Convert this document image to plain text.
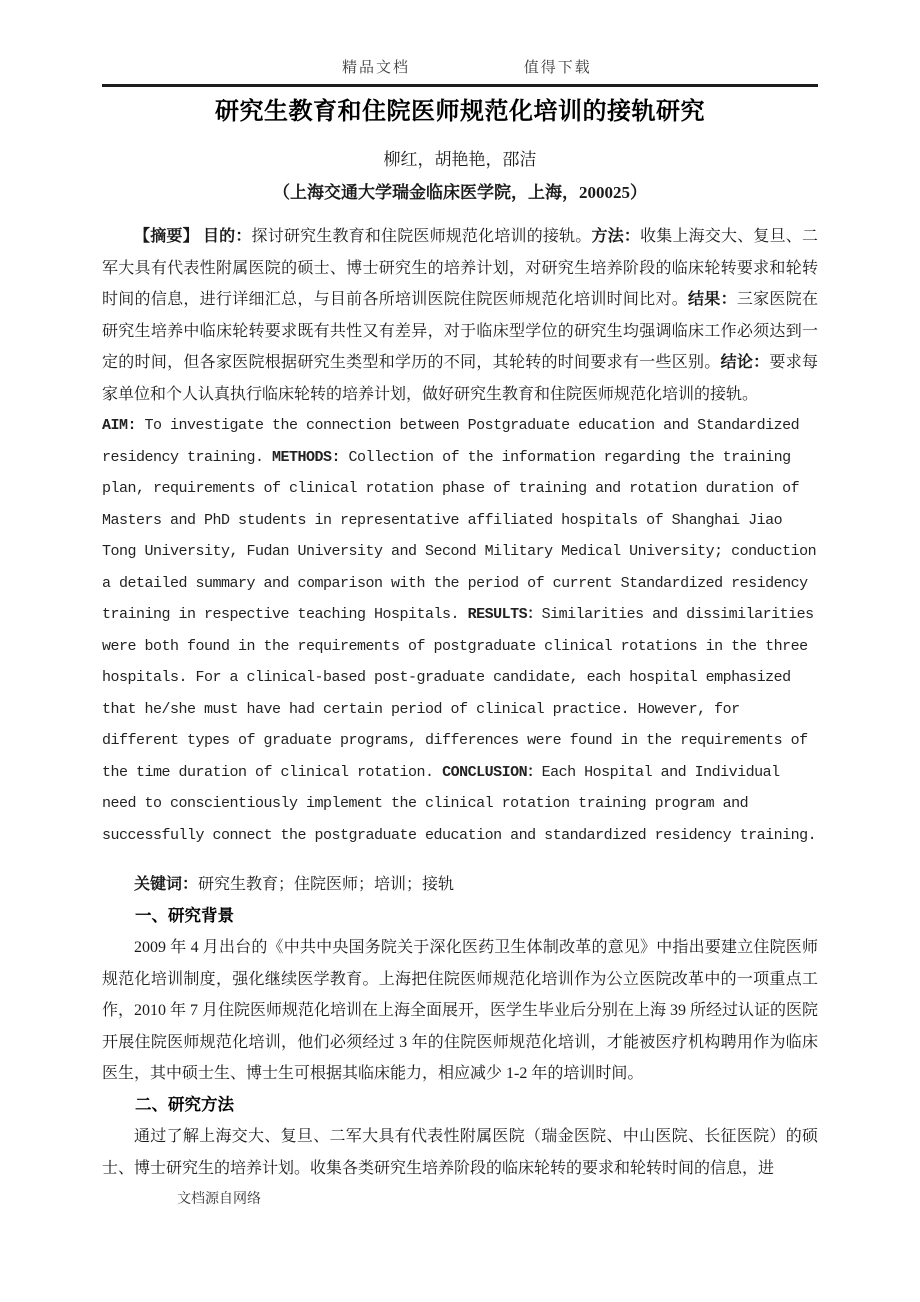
精品文档	值得下载
研究生教育和住院医师规范化培训的接轨研究
柳红，胡艳艳，邵洁
（上海交通大学瑞金临床医学院，上海，200025）
【摘要】 目的：探讨研究生教育和住院医师规范化培训的接轨。方法：收集上海交大、复旦、二军大具有代表性附属医院的硕士、博士研究生的培养计划，对研究生培养阶段的临床轮转要求和轮转时间的信息，进行详细汇总，与目前各所培训医院住院医师规范化培训时间比对。结果：三家医院在研究生培养中临床轮转要求既有共性又有差异，对于临床型学位的研究生均强调临床工作必须达到一定的时间，但各家医院根据研究生类型和学历的不同，其轮转的时间要求有一些区别。结论：要求每家单位和个人认真执行临床轮转的培养计划，做好研究生教育和住院医师规范化培训的接轨。
AIM: To investigate the connection between Postgraduate education and Standardized residency training. METHODS: Collection of the information regarding the training plan, requirements of clinical rotation phase of training and rotation duration of Masters and PhD students in representative affiliated hospitals of Shanghai Jiao Tong University, Fudan University and Second Military Medical University; conduction a detailed summary and comparison with the period of current Standardized residency training in respective teaching Hospitals. RESULTS：Similarities and dissimilarities were both found in the requirements of postgraduate clinical rotations in the three hospitals. For a clinical-based post-graduate candidate, each hospital emphasized that he/she must have had certain period of clinical practice. However, for different types of graduate programs, differences were found in the requirements of the time duration of clinical rotation. CONCLUSION：Each Hospital and Individual need to conscientiously implement the clinical rotation training program and successfully connect the postgraduate education and standardized residency training.
关键词：研究生教育；住院医师；培训；接轨
一、研究背景
2009 年 4 月出台的《中共中央国务院关于深化医药卫生体制改革的意见》中指出要建立住院医师规范化培训制度，强化继续医学教育。上海把住院医师规范化培训作为公立医院改革中的一项重点工作，2010 年 7 月住院医师规范化培训在上海全面展开，医学生毕业后分别在上海 39 所经过认证的医院开展住院医师规范化培训，他们必须经过 3 年的住院医师规范化培训，才能被医疗机构聘用作为临床医生，其中硕士生、博士生可根据其临床能力，相应减少 1-2 年的培训时间。
二、研究方法
通过了解上海交大、复旦、二军大具有代表性附属医院（瑞金医院、中山医院、长征医院）的硕士、博士研究生的培养计划。收集各类研究生培养阶段的临床轮转的要求和轮转时间的信息，进
文档源自网络
